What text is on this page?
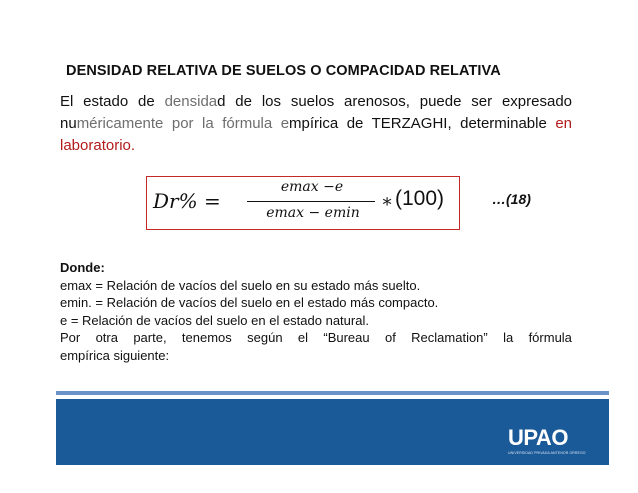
DENSIDAD RELATIVA DE SUELOS O COMPACIDAD RELATIVA
El estado de densidad de los suelos arenosos, puede ser expresado numéricamente por la fórmula empírica de TERZAGHI, determinable en laboratorio.
Dr% =
emax −e
emax − emin
∗ (100)	…(18)
Donde:
emax = Relación de vacíos del suelo en su estado más suelto.
emin. = Relación de vacíos del suelo en el estado más compacto.
e = Relación de vacíos del suelo en el estado natural.
Por otra parte, tenemos según el “Bureau of Reclamation” la fórmula
empírica siguiente:
UPAO
UNIVERSIDAD PRIVADA ANTENOR ORREGO
